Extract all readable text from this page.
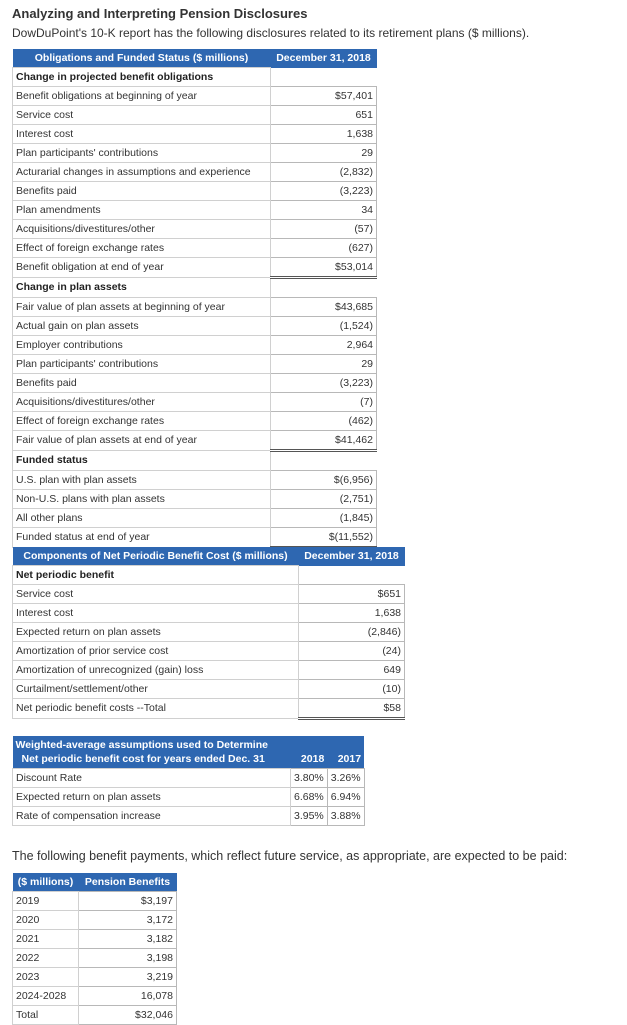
Analyzing and Interpreting Pension Disclosures
DowDuPoint's 10-K report has the following disclosures related to its retirement plans ($ millions).
Obligations and Funded Status ($ millions)	December 31, 2018
Change in projected benefit obligations	
Benefit obligations at beginning of year	$57,401
Service cost	651
Interest cost	1,638
Plan participants' contributions	29
Acturarial changes in assumptions and experience	(2,832)
Benefits paid	(3,223)
Plan amendments	34
Acquisitions/divestitures/other	(57)
Effect of foreign exchange rates	(627)
Benefit obligation at end of year	$53,014
Change in plan assets	
Fair value of plan assets at beginning of year	$43,685
Actual gain on plan assets	(1,524)
Employer contributions	2,964
Plan participants' contributions	29
Benefits paid	(3,223)
Acquisitions/divestitures/other	(7)
Effect of foreign exchange rates	(462)
Fair value of plan assets at end of year	$41,462
Funded status	
U.S. plan with plan assets	$(6,956)
Non-U.S. plans with plan assets	(2,751)
All other plans	(1,845)
Funded status at end of year	$(11,552)
Components of Net Periodic Benefit Cost ($ millions)	December 31, 2018
Net periodic benefit	
Service cost	$651
Interest cost	1,638
Expected return on plan assets	(2,846)
Amortization of prior service cost	(24)
Amortization of unrecognized (gain) loss	649
Curtailment/settlement/other	(10)
Net periodic benefit costs --Total	$58
Weighted-average assumptions used to Determine
Net periodic benefit cost for years ended Dec. 31	2018	2017
Discount Rate	3.80%	3.26%
Expected return on plan assets	6.68%	6.94%
Rate of compensation increase	3.95%	3.88%
The following benefit payments, which reflect future service, as appropriate, are expected to be paid:
($ millions)	Pension Benefits
2019	$3,197
2020	3,172
2021	3,182
2022	3,198
2023	3,219
2024-2028	16,078
Total	$32,046
